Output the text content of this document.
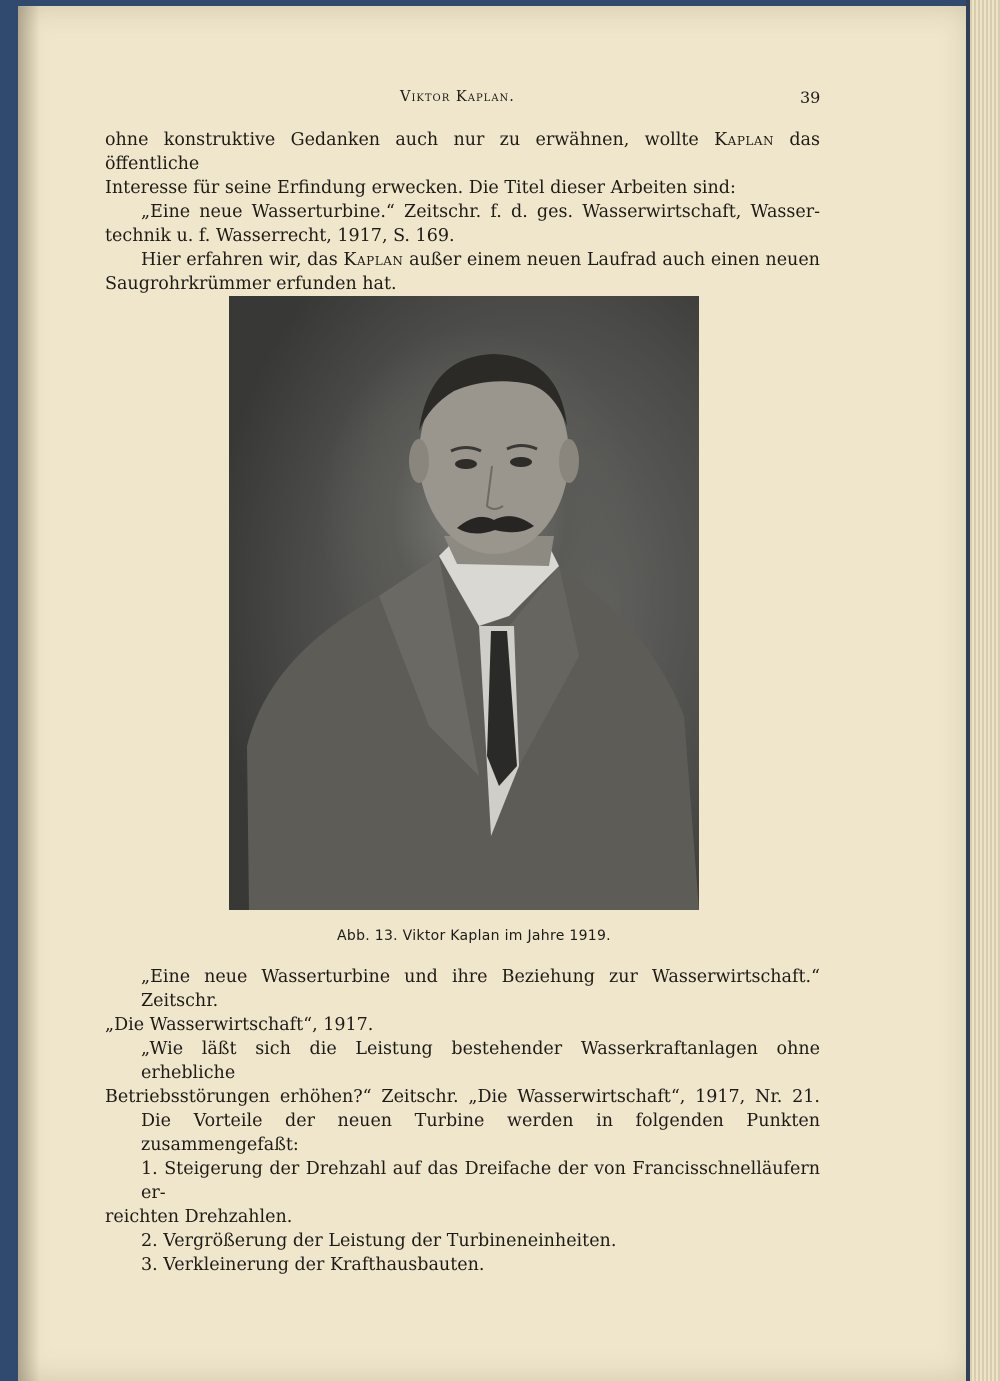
Viktor Kaplan.	39
ohne konstruktive Gedanken auch nur zu erwähnen, wollte Kaplan das öffentliche
Interesse für seine Erfindung erwecken. Die Titel dieser Arbeiten sind:
„Eine neue Wasserturbine.“ Zeitschr. f. d. ges. Wasserwirtschaft, Wasser-
technik u. f. Wasserrecht, 1917, S. 169.
Hier erfahren wir, das Kaplan außer einem neuen Laufrad auch einen neuen
Saugrohrkrümmer erfunden hat.
Abb. 13. Viktor Kaplan im Jahre 1919.
„Eine neue Wasserturbine und ihre Beziehung zur Wasserwirtschaft.“ Zeitschr.
„Die Wasserwirtschaft“, 1917.
„Wie läßt sich die Leistung bestehender Wasserkraftanlagen ohne erhebliche
Betriebsstörungen erhöhen?“ Zeitschr. „Die Wasserwirtschaft“, 1917, Nr. 21.
Die Vorteile der neuen Turbine werden in folgenden Punkten zusammengefaßt:
1. Steigerung der Drehzahl auf das Dreifache der von Francisschnelläufern er-
reichten Drehzahlen.
2. Vergrößerung der Leistung der Turbineneinheiten.
3. Verkleinerung der Krafthausbauten.
